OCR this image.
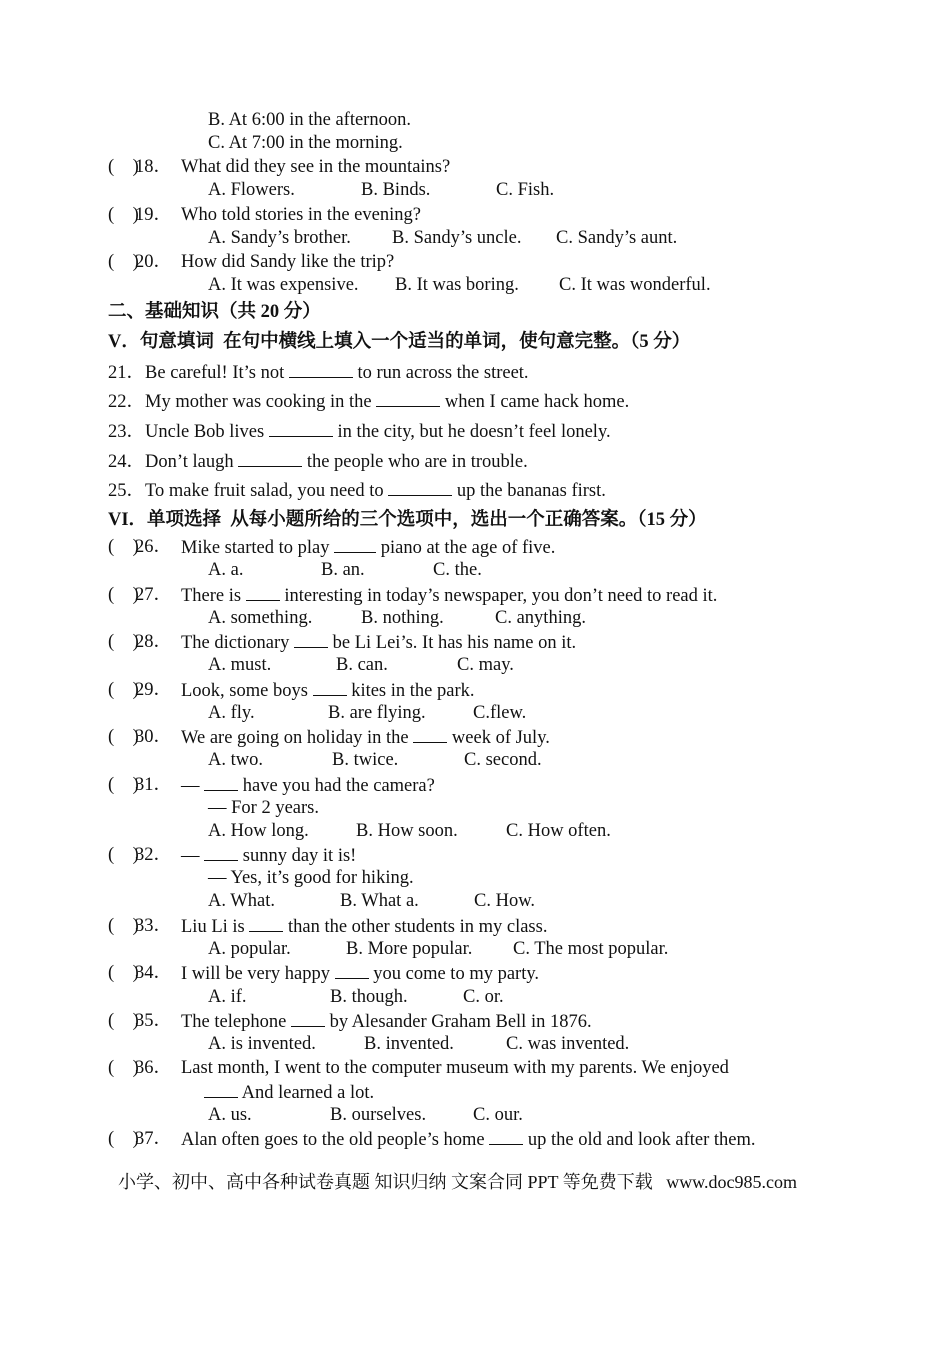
B. At 6:00 in the afternoon.
C. At 7:00 in the morning.
(    )
18． What did they see in the mountains?
A. Flowers.	B. Binds.	C. Fish.
(    )
19． Who told stories in the evening?
A. Sandy’s brother. B. Sandy’s uncle. C. Sandy’s aunt.
(    )
20． How did Sandy like the trip?
A. It was expensive. B. It was boring. C. It was wonderful.
二、基础知识（共 20 分）
V．句意填词  在句中横线上填入一个适当的单词，使句意完整。（5 分）
21．Be careful! It’s not	to run across the street.
22．My mother was cooking in the	when I came hack home.
23．Uncle Bob lives	in the city, but he doesn’t feel lonely.
24．Don’t laugh	the people who are in trouble.
25．To make fruit salad, you need to	up the bananas first.
VI．单项选择  从每小题所给的三个选项中，选出一个正确答案。（15 分）
(    )
26． Mike started to play  piano at the age of five.
A. a.	B. an.	C. the.
(    )
27． There is  interesting in today’s newspaper, you don’t need to read it.
A. something.	B. nothing.	C. anything.
(    )
28． The dictionary  be Li Lei’s. It has his name on it.
A. must.	B. can.	C. may.
(    )
29． Look, some boys  kites in the park.
A. fly.	B. are flying.	C.flew.
(    )
30． We are going on holiday in the  week of July.
A. two.	B. twice.	C. second.
(    )
31． —  have you had the camera?
— For 2 years.
A. How long.	B. How soon.	C. How often.
(    )
32． —  sunny day it is!
— Yes, it’s good for hiking.
A. What.	B. What a.	C. How.
(    )
33． Liu Li is  than the other students in my class.
A. popular.	B. More popular. C. The most popular.
(    )
34． I will be very happy  you come to my party.
A. if.	B. though.	C. or.
(    )
35． The telephone  by Alesander Graham Bell in 1876.
A. is invented.	B. invented.	C. was invented.
(    )
36． Last month, I went to the computer museum with my parents. We enjoyed
And learned a lot.
A. us.	B. ourselves.	C. our.
(    )
37． Alan often goes to the old people’s home  up the old and look after them.
小学、初中、高中各种试卷真题 知识归纳 文案合同 PPT 等免费下载   www.doc985.com
